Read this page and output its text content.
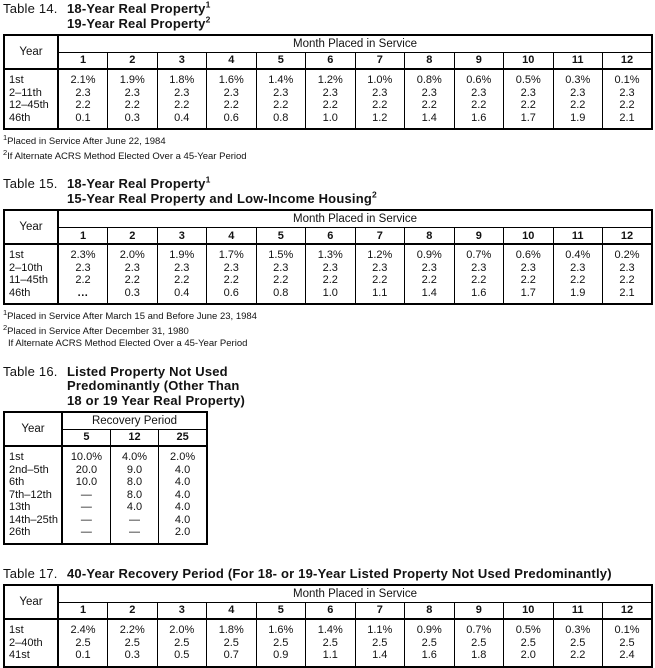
Table 14. 18-Year Real Property$^1$
19-Year Real Property$^2$
Year	Month Placed in Service											
	1	2	3	4	5	6	7	8	9	10	11	12
1st	2.1%	1.9%	1.8%	1.6%	1.4%	1.2%	1.0%	0.8%	0.6%	0.5%	0.3%	0.1%
2–11th	2.3	2.3	2.3	2.3	2.3	2.3	2.3	2.3	2.3	2.3	2.3	2.3
12–45th	2.2	2.2	2.2	2.2	2.2	2.2	2.2	2.2	2.2	2.2	2.2	2.2
46th	0.1	0.3	0.4	0.6	0.8	1.0	1.2	1.4	1.6	1.7	1.9	2.1
$^1$Placed in Service After June 22, 1984
$^2$If Alternate ACRS Method Elected Over a 45-Year Period
Table 15. 18-Year Real Property$^1$
15-Year Real Property and Low-Income Housing$^2$
Year	Month Placed in Service											
	1	2	3	4	5	6	7	8	9	10	11	12
1st	2.3%	2.0%	1.9%	1.7%	1.5%	1.3%	1.2%	0.9%	0.7%	0.6%	0.4%	0.2%
2–10th	2.3	2.3	2.3	2.3	2.3	2.3	2.3	2.3	2.3	2.3	2.3	2.3
11–45th	2.2	2.2	2.2	2.2	2.2	2.2	2.2	2.2	2.2	2.2	2.2	2.2
46th	...	0.3	0.4	0.6	0.8	1.0	1.1	1.4	1.6	1.7	1.9	2.1
$^1$Placed in Service After March 15 and Before June 23, 1984
$^2$Placed in Service After December 31, 1980
If Alternate ACRS Method Elected Over a 45-Year Period
Table 16. Listed Property Not Used
Predominantly (Other Than
18 or 19 Year Real Property)
Year	Recovery Period		
	5	12	25
1st	10.0%	4.0%	2.0%
2nd–5th	20.0	9.0	4.0
6th	10.0	8.0	4.0
7th–12th	—	8.0	4.0
13th	—	4.0	4.0
14th–25th	—	—	4.0
26th	—	—	2.0
Table 17. 40-Year Recovery Period (For 18- or 19-Year Listed Property Not Used Predominantly)
Year	Month Placed in Service											
	1	2	3	4	5	6	7	8	9	10	11	12
1st	2.4%	2.2%	2.0%	1.8%	1.6%	1.4%	1.1%	0.9%	0.7%	0.5%	0.3%	0.1%
2–40th	2.5	2.5	2.5	2.5	2.5	2.5	2.5	2.5	2.5	2.5	2.5	2.5
41st	0.1	0.3	0.5	0.7	0.9	1.1	1.4	1.6	1.8	2.0	2.2	2.4
